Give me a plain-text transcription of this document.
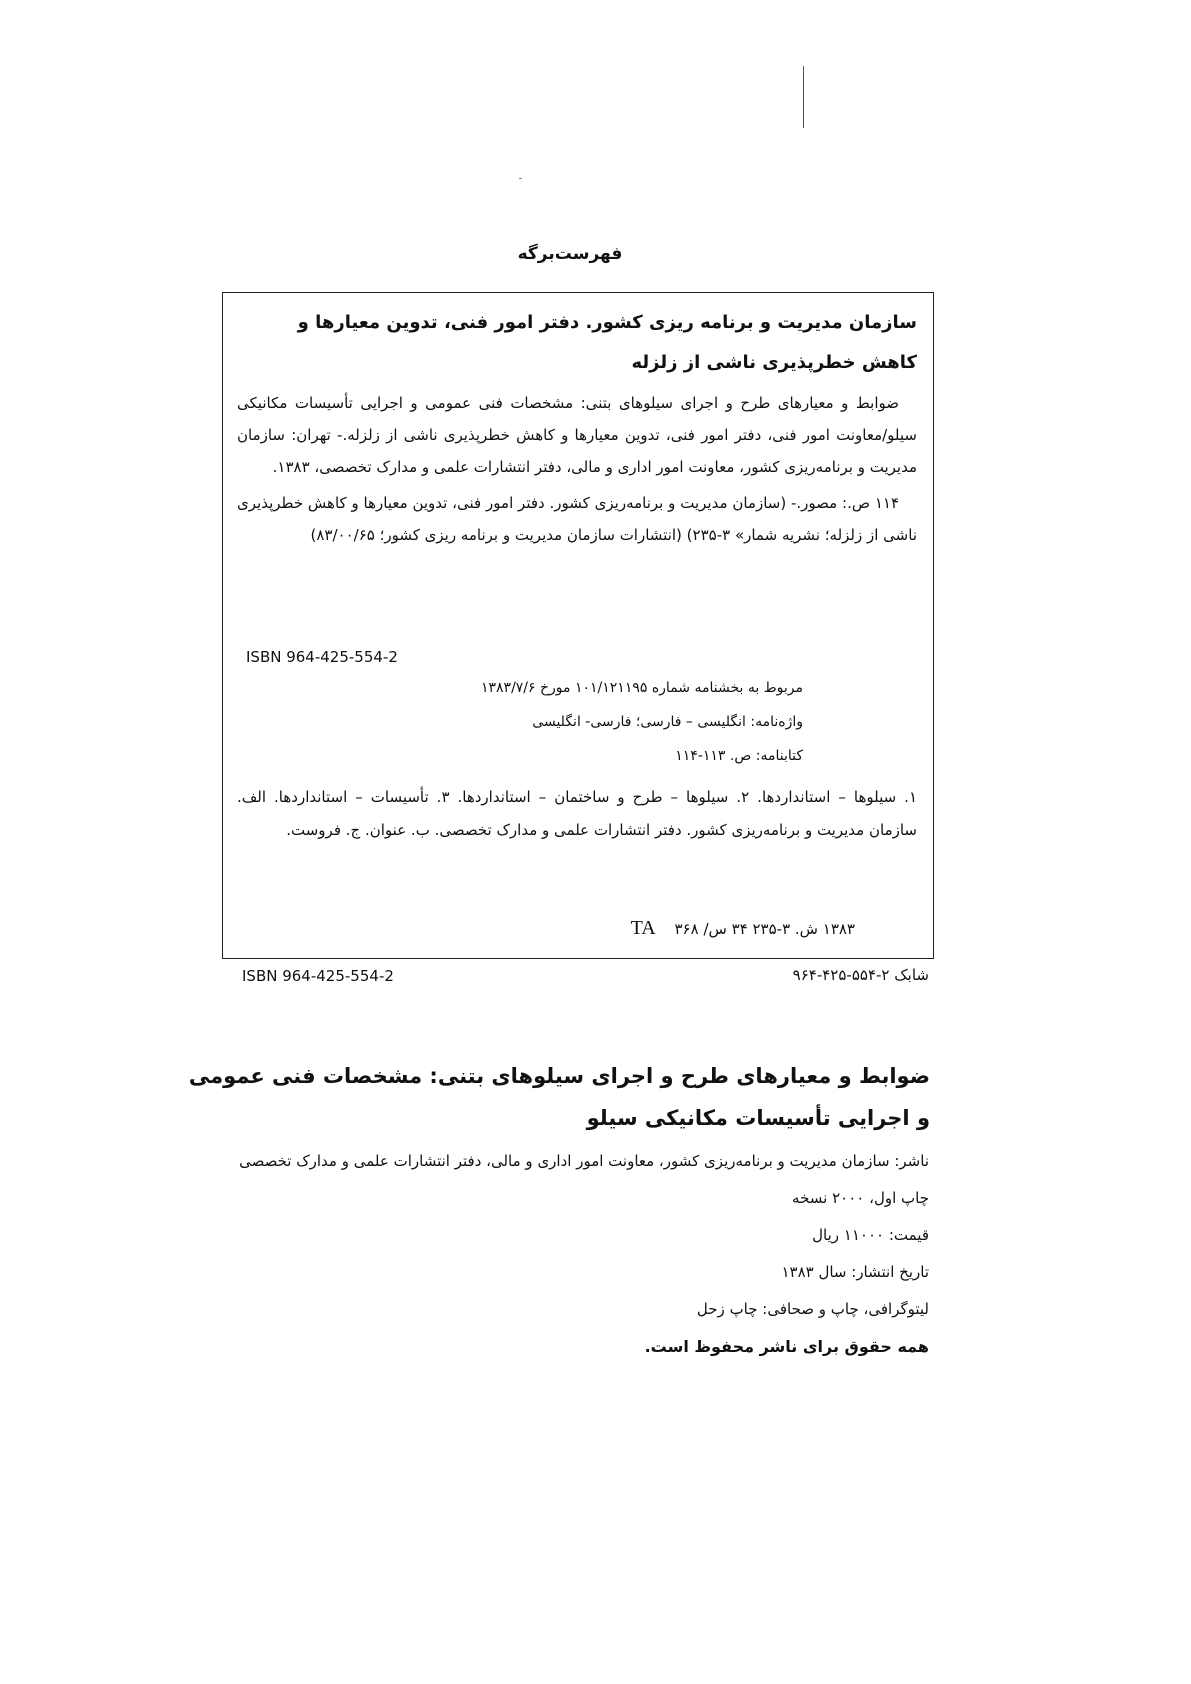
فهرست‌برگه
سازمان مدیریت و برنامه ریزی کشور. دفتر امور فنی، تدوین معیارها و کاهش خطرپذیری ناشی از زلزله
ضوابط و معیارهای طرح و اجرای سیلوهای بتنی: مشخصات فنی عمومی و اجرایی تأسیسات مکانیکی سیلو/معاونت امور فنی، دفتر امور فنی، تدوین معیارها و کاهش خطرپذیری ناشی از زلزله.- تهران: سازمان مدیریت و برنامه‌ریزی کشور، معاونت امور اداری و مالی، دفتر انتشارات علمی و مدارک تخصصی، ۱۳۸۳.
۱۱۴ ص.: مصور.- (سازمان مدیریت و برنامه‌ریزی کشور. دفتر امور فنی، تدوین معیارها و کاهش خطرپذیری ناشی از زلزله؛ نشریه شمار» ۳-۲۳۵) (انتشارات سازمان مدیریت و برنامه ریزی کشور؛ ۸۳/۰۰/۶۵)
ISBN 964-425-554-2
مربوط به بخشنامه شماره ۱۰۱/۱۲۱۱۹۵ مورخ ۱۳۸۳/۷/۶
واژه‌نامه: انگلیسی – فارسی؛ فارسی- انگلیسی
کتابنامه: ص. ۱۱۳-۱۱۴
۱. سیلوها – استانداردها. ۲. سیلوها – طرح و ساختمان – استانداردها. ۳. تأسیسات – استانداردها. الف. سازمان مدیریت و برنامه‌ریزی کشور. دفتر انتشارات علمی و مدارک تخصصی. ب. عنوان. ج. فروست.
۱۳۸۳ ش. ۳-۲۳۵ ۳۴ س/ ۳۶۸ TA
ISBN 964-425-554-2	شابک ۲-۵۵۴-۴۲۵-۹۶۴
ضوابط و معیارهای طرح و اجرای سیلوهای بتنی: مشخصات فنی عمومی و اجرایی تأسیسات مکانیکی سیلو
ناشر: سازمان مدیریت و برنامه‌ریزی کشور، معاونت امور اداری و مالی، دفتر انتشارات علمی و مدارک تخصصی
چاپ اول، ۲۰۰۰ نسخه
قیمت: ۱۱۰۰۰ ریال
تاریخ انتشار: سال ۱۳۸۳
لیتوگرافی، چاپ و صحافی: چاپ زحل
همه حقوق برای ناشر محفوظ است.
